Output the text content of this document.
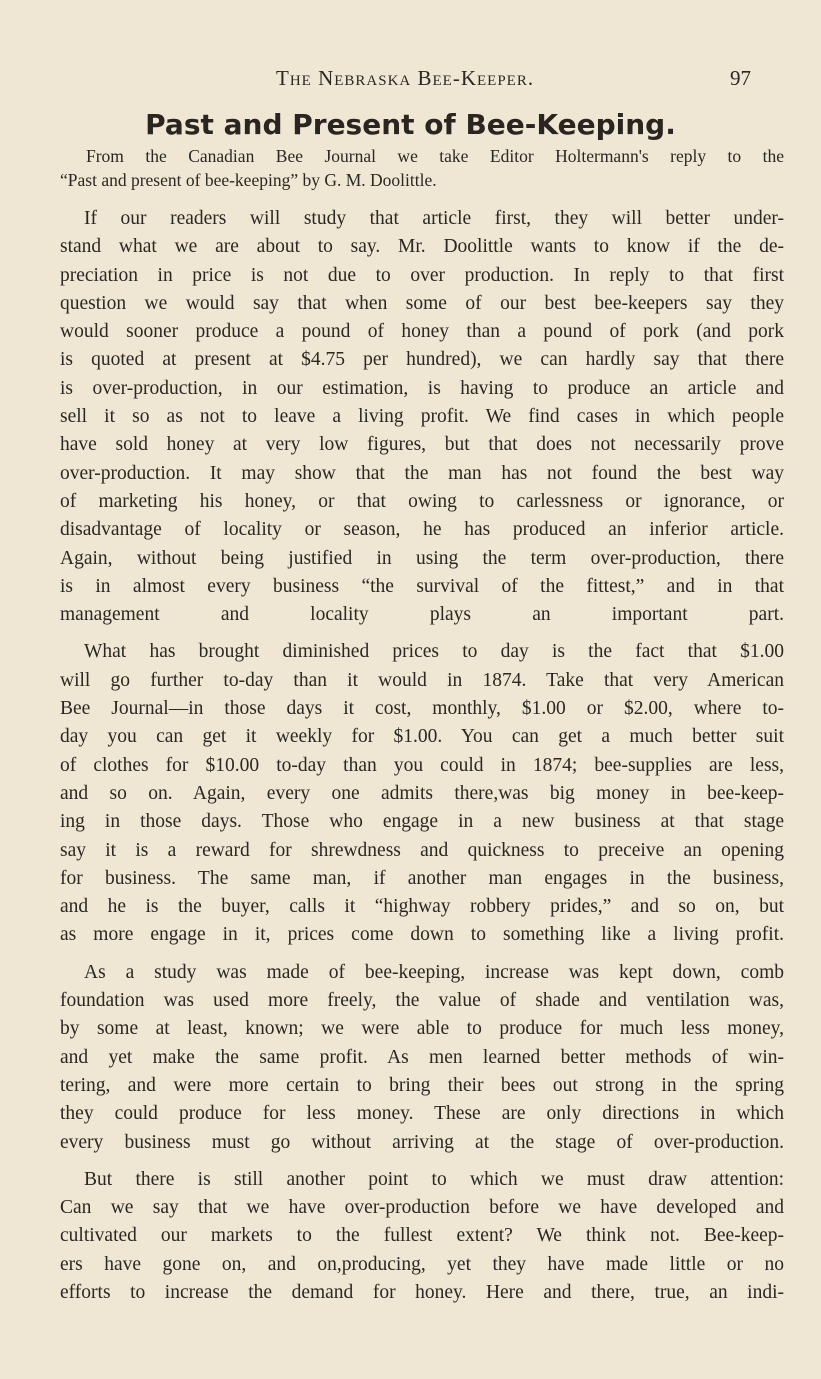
The Nebraska Bee-Keeper.	97
Past and Present of Bee-Keeping.

From the Canadian Bee Journal we take Editor Holtermann's reply to the
“Past and present of bee-keeping” by G. M. Doolittle.

If our readers will study that article first, they will better under-
stand what we are about to say. Mr. Doolittle wants to know if the de-
preciation in price is not due to over production. In reply to that first
question we would say that when some of our best bee-keepers say they
would sooner produce a pound of honey than a pound of pork (and pork
is quoted at present at $4.75 per hundred), we can hardly say that there
is over-production, in our estimation, is having to produce an article and
sell it so as not to leave a living profit. We find cases in which people
have sold honey at very low figures, but that does not necessarily prove
over-production. It may show that the man has not found the best way
of marketing his honey, or that owing to carlessness or ignorance, or
disadvantage of locality or season, he has produced an inferior article.
Again, without being justified in using the term over-production, there
is in almost every business “the survival of the fittest,” and in that
management and locality plays an important part.

What has brought diminished prices to day is the fact that $1.00
will go further to-day than it would in 1874. Take that very American
Bee Journal—in those days it cost, monthly, $1.00 or $2.00, where to-
day you can get it weekly for $1.00. You can get a much better suit
of clothes for $10.00 to-day than you could in 1874; bee-supplies are less,
and so on. Again, every one admits there,was big money in bee-keep-
ing in those days. Those who engage in a new business at that stage
say it is a reward for shrewdness and quickness to preceive an opening
for business. The same man, if another man engages in the business,
and he is the buyer, calls it “highway robbery prides,” and so on, but
as more engage in it, prices come down to something like a living profit.

As a study was made of bee-keeping, increase was kept down, comb
foundation was used more freely, the value of shade and ventilation was,
by some at least, known; we were able to produce for much less money,
and yet make the same profit. As men learned better methods of win-
tering, and were more certain to bring their bees out strong in the spring
they could produce for less money. These are only directions in which
every business must go without arriving at the stage of over-production.

But there is still another point to which we must draw attention:
Can we say that we have over-production before we have developed and
cultivated our markets to the fullest extent? We think not. Bee-keep-
ers have gone on, and on,producing, yet they have made little or no
efforts to increase the demand for honey. Here and there, true, an indi-
